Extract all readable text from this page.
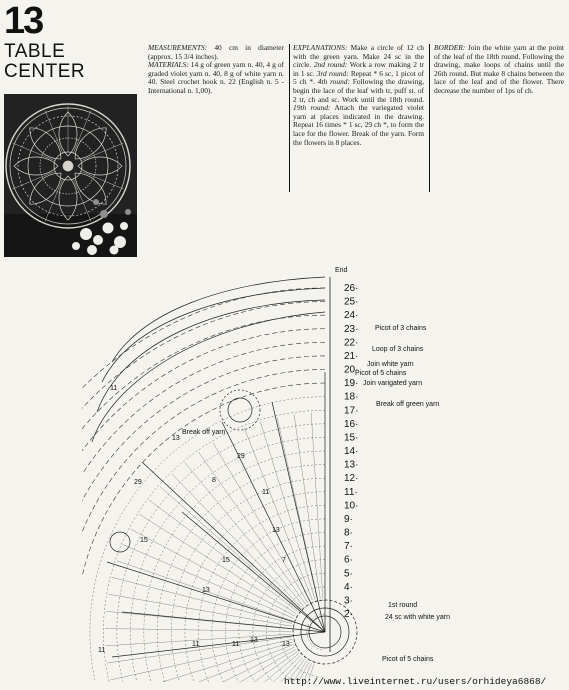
13
TABLE
CENTER
MEASUREMENTS: 40 cm in diameter (approx. 15 3/4 inches).
MATERIALS: 14 g of green yarn n. 40, 4 g of graded violet yarn n. 40, 8 g of white yarn n. 40. Steel crochet hook n. 22 (English n. 5 - International n. 1,00).
EXPLANATIONS: Make a circle of 12 ch with the green yarn. Make 24 sc in the circle. 2nd round: Work a row making 2 tr in 1 sc. 3rd round: Repeat * 6 sc, 1 picot of 5 ch *. 4th round: Following the drawing, begin the lace of the leaf with tr, puff st. of 2 tr, ch and sc. Work until the 18th round. 19th round: Attach the variegated violet yarn at places indicated in the drawing. Repeat 16 times * 1 sc, 29 ch *, to form the lace for the flower. Break of the yarn. Form the flowers in 8 places.
BORDER: Join the white yarn at the point of the leaf of the 18th round. Following the drawing, make loops of chains until the 26th round. But make 8 chains between the lace of the leaf and of the flower. There decrease the number of 1ps of ch.
26·
25·
24·
23·
22·
21·
20·
19·
18·
17·
16·
15·
14·
13·
12·
11·
10·
9·
8·
7·
6·
5·
4·
3·
2·
End
Picot of 3 chains
Loop of 3 chains
Join white yarn
Picot of 5 chains
Join varigated yarn
Break off green yarn
Break off yarn
1st round
24 sc with white yarn
Picot of 5 chains
29
13
11
8
15
29
11
13
11
7
15
13
11	13
13
11
http://www.liveinternet.ru/users/orhideya6868/
